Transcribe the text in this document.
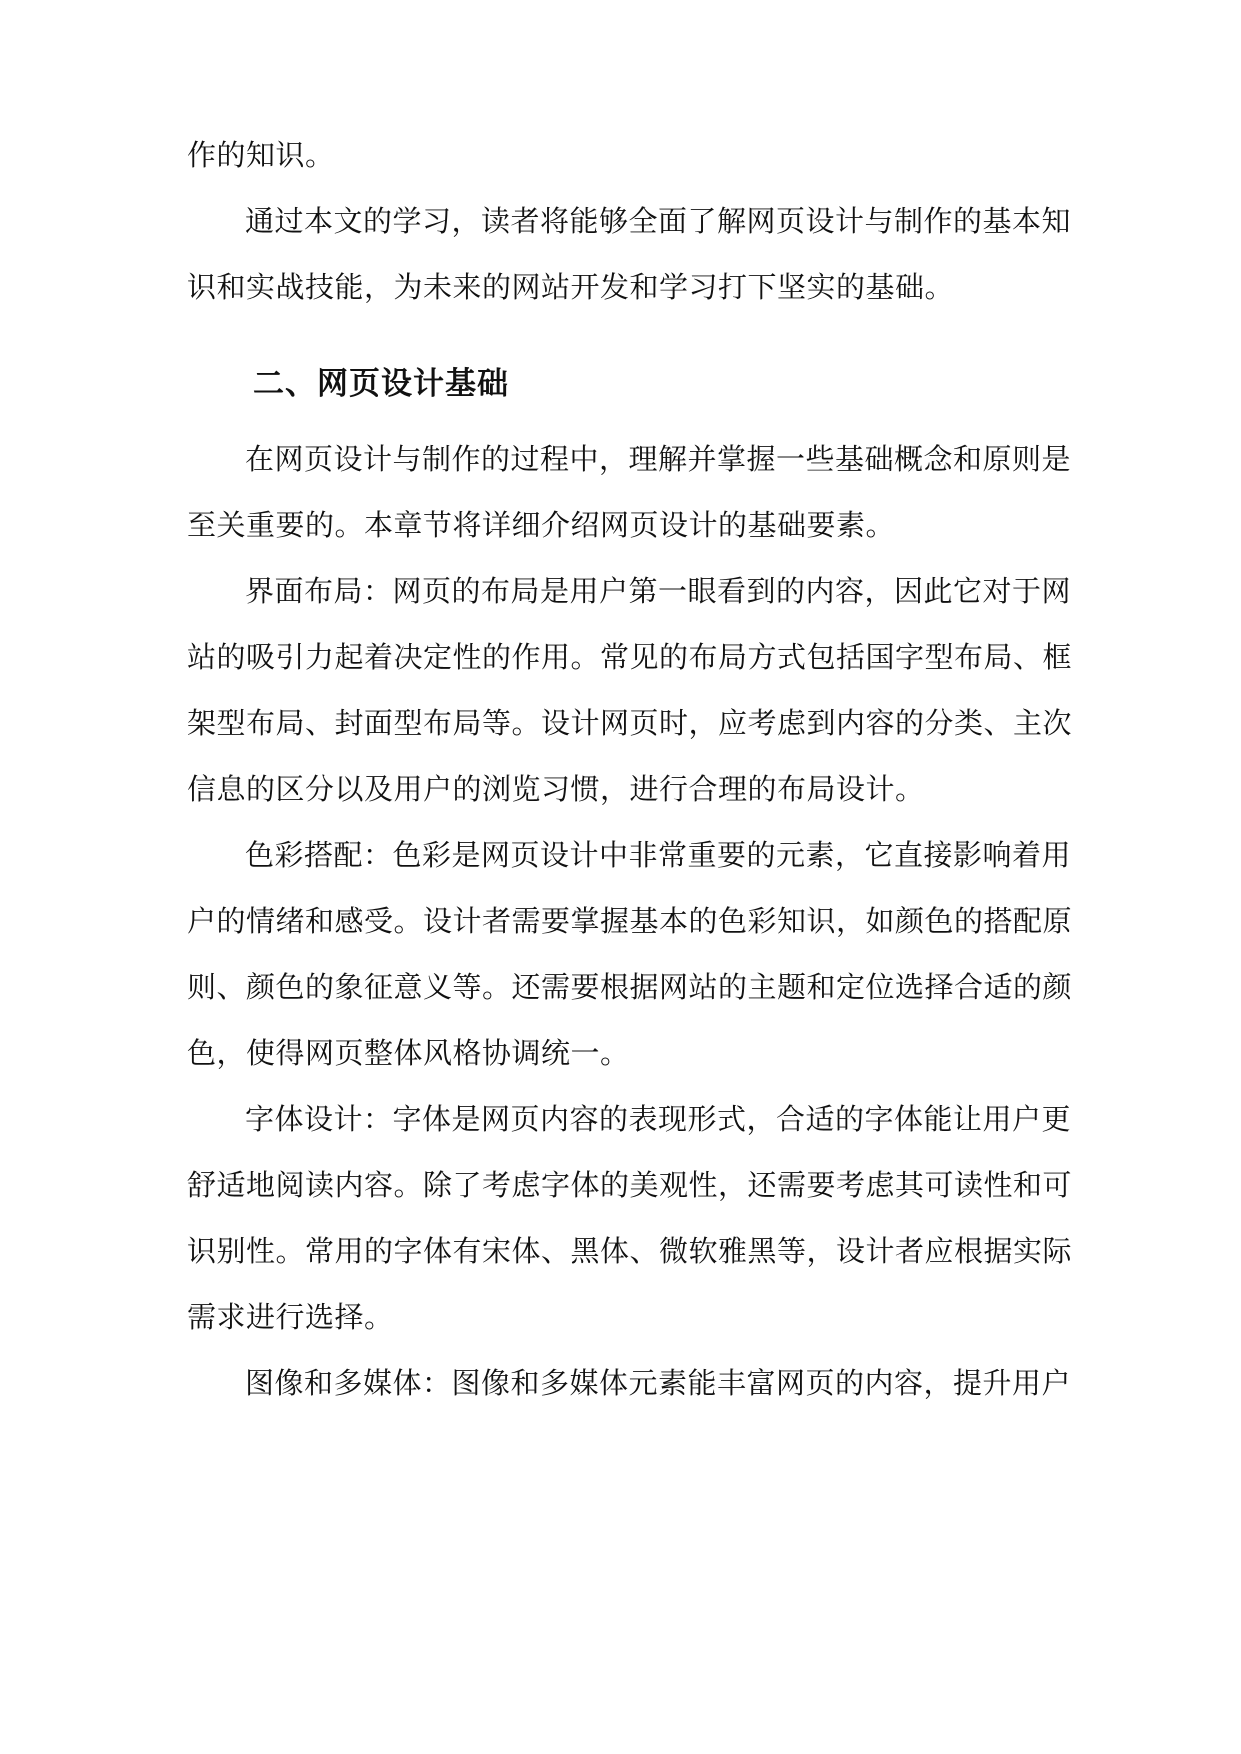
作的知识。

通过本文的学习，读者将能够全面了解网页设计与制作的基本知

识和实战技能，为未来的网站开发和学习打下坚实的基础。

二、网页设计基础

在网页设计与制作的过程中，理解并掌握一些基础概念和原则是

至关重要的。本章节将详细介绍网页设计的基础要素。

界面布局：网页的布局是用户第一眼看到的内容，因此它对于网

站的吸引力起着决定性的作用。常见的布局方式包括国字型布局、框

架型布局、封面型布局等。设计网页时，应考虑到内容的分类、主次

信息的区分以及用户的浏览习惯，进行合理的布局设计。

色彩搭配：色彩是网页设计中非常重要的元素，它直接影响着用

户的情绪和感受。设计者需要掌握基本的色彩知识，如颜色的搭配原

则、颜色的象征意义等。还需要根据网站的主题和定位选择合适的颜

色，使得网页整体风格协调统一。

字体设计：字体是网页内容的表现形式，合适的字体能让用户更

舒适地阅读内容。除了考虑字体的美观性，还需要考虑其可读性和可

识别性。常用的字体有宋体、黑体、微软雅黑等，设计者应根据实际

需求进行选择。

图像和多媒体：图像和多媒体元素能丰富网页的内容，提升用户
